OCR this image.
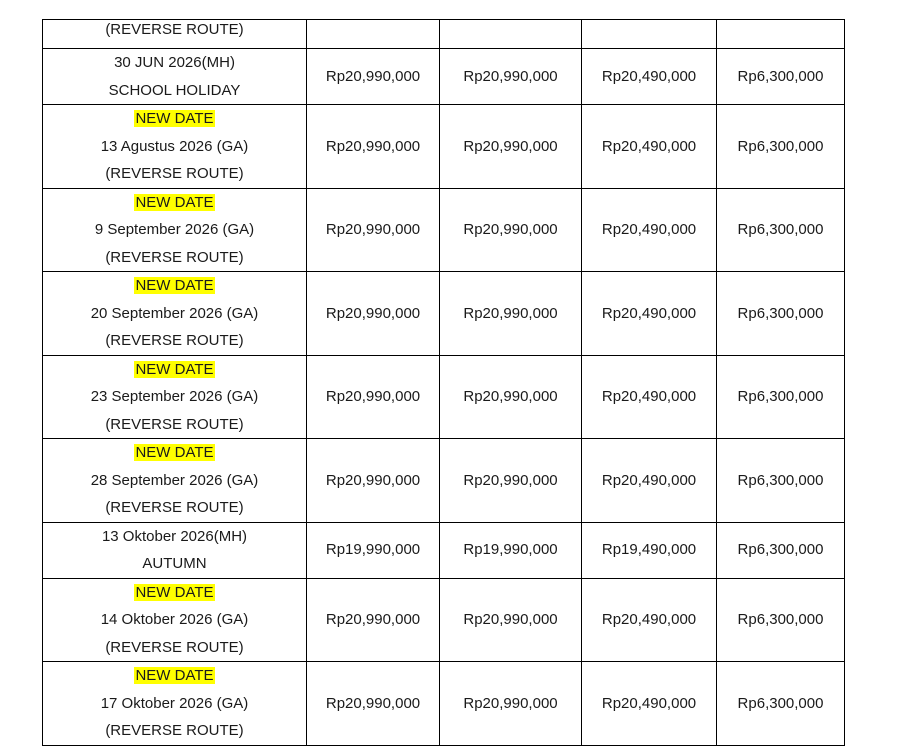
(REVERSE ROUTE)				

30 JUN 2026(MH)
SCHOOL HOLIDAY	Rp20,990,000	Rp20,990,000	Rp20,490,000	Rp6,300,000

NEW DATE
13 Agustus 2026 (GA)
(REVERSE ROUTE)	Rp20,990,000	Rp20,990,000	Rp20,490,000	Rp6,300,000

NEW DATE
9 September 2026 (GA)
(REVERSE ROUTE)	Rp20,990,000	Rp20,990,000	Rp20,490,000	Rp6,300,000

NEW DATE
20 September 2026 (GA)
(REVERSE ROUTE)	Rp20,990,000	Rp20,990,000	Rp20,490,000	Rp6,300,000

NEW DATE
23 September 2026 (GA)
(REVERSE ROUTE)	Rp20,990,000	Rp20,990,000	Rp20,490,000	Rp6,300,000

NEW DATE
28 September 2026 (GA)
(REVERSE ROUTE)	Rp20,990,000	Rp20,990,000	Rp20,490,000	Rp6,300,000

13 Oktober 2026(MH)
AUTUMN	Rp19,990,000	Rp19,990,000	Rp19,490,000	Rp6,300,000

NEW DATE
14 Oktober 2026 (GA)
(REVERSE ROUTE)	Rp20,990,000	Rp20,990,000	Rp20,490,000	Rp6,300,000

NEW DATE
17 Oktober 2026 (GA)
(REVERSE ROUTE)	Rp20,990,000	Rp20,990,000	Rp20,490,000	Rp6,300,000
